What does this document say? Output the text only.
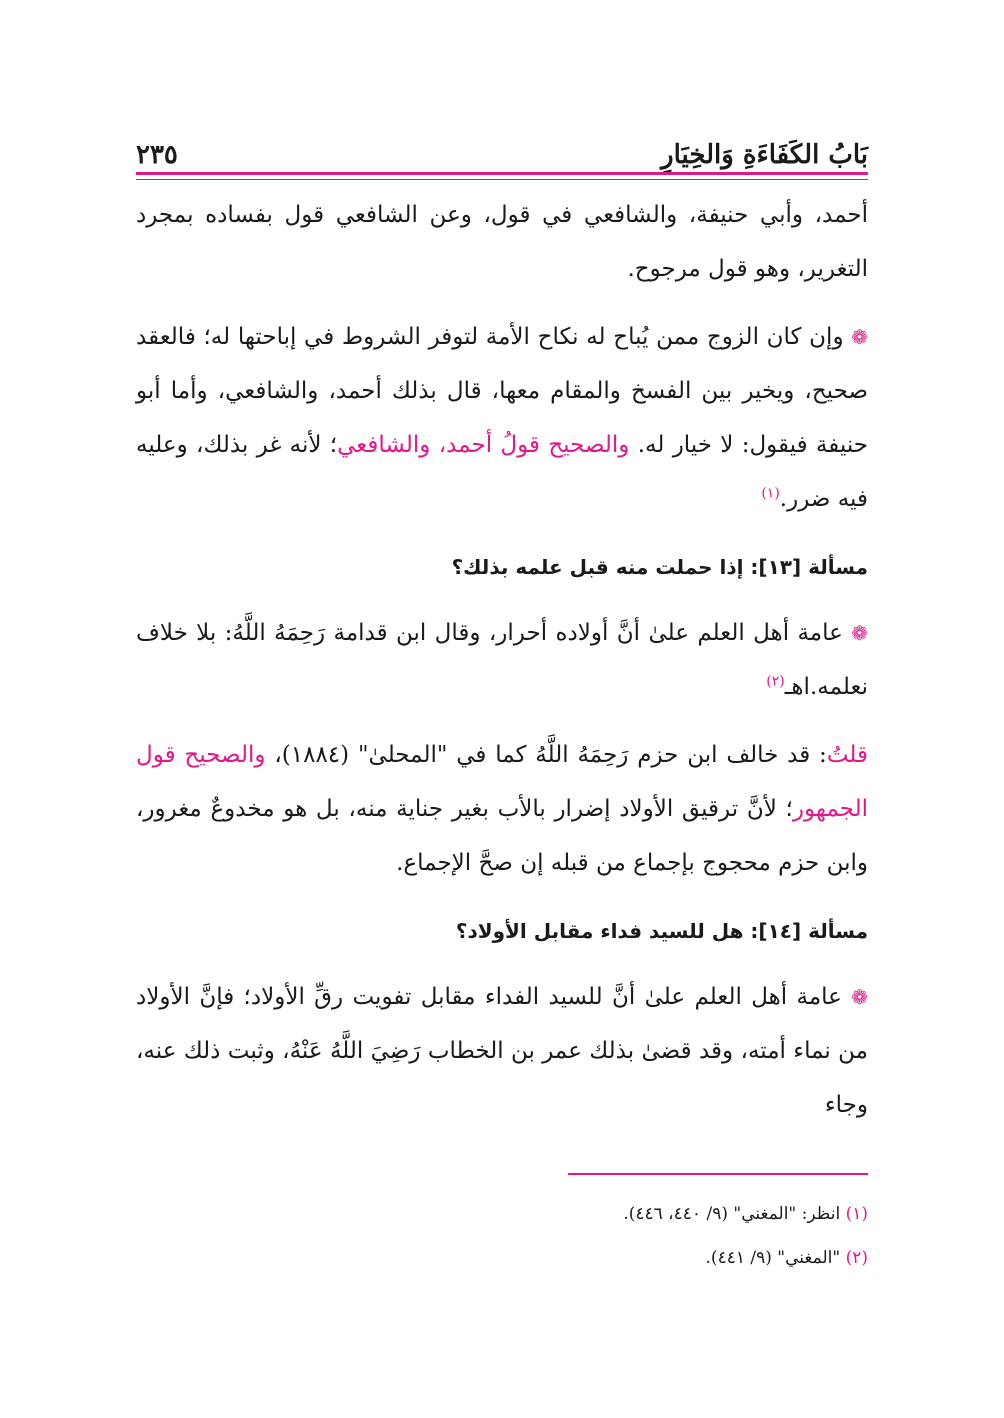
بَابُ الكَفَاءَةِ وَالخِيَارِ
٢٣٥

أحمد، وأبي حنيفة، والشافعي في قول، وعن الشافعي قول بفساده بمجرد التغرير، وهو قول مرجوح.

❁ وإن كان الزوج ممن يُباح له نكاح الأمة لتوفر الشروط في إباحتها له؛ فالعقد صحيح، ويخير بين الفسخ والمقام معها، قال بذلك أحمد، والشافعي، وأما أبو حنيفة فيقول: لا خيار له. والصحيح قولُ أحمد، والشافعي؛ لأنه غر بذلك، وعليه فيه ضرر.$^{(١)}$

مسألة [١٣]: إذا حملت منه قبل علمه بذلك؟

❁ عامة أهل العلم علىٰ أنَّ أولاده أحرار، وقال ابن قدامة رَحِمَهُ اللَّهُ: بلا خلاف نعلمه.اهـ$^{(٢)}$

قلتُ: قد خالف ابن حزم رَحِمَهُ اللَّهُ كما في "المحلىٰ" (١٨٨٤)، والصحيح قول الجمهور؛ لأنَّ ترقيق الأولاد إضرار بالأب بغير جناية منه، بل هو مخدوعٌ مغرور، وابن حزم محجوج بإجماع من قبله إن صحَّ الإجماع.

مسألة [١٤]: هل للسيد فداء مقابل الأولاد؟

❁ عامة أهل العلم علىٰ أنَّ للسيد الفداء مقابل تفويت رقِّ الأولاد؛ فإنَّ الأولاد من نماء أمته، وقد قضىٰ بذلك عمر بن الخطاب رَضِيَ اللَّهُ عَنْهُ، وثبت ذلك عنه، وجاء

(١) انظر: "المغني" (٩/ ٤٤٠، ٤٤٦).
(٢) "المغني" (٩/ ٤٤١).
